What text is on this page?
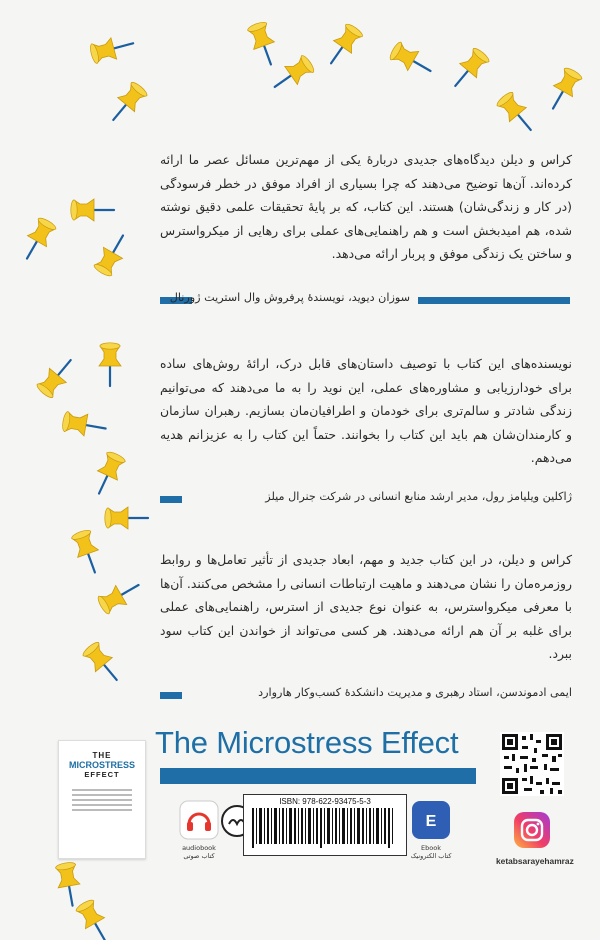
کراس و دیلن دیدگاه‌های جدیدی دربارهٔ یکی از مهم‌ترین مسائل عصر ما ارائه کرده‌اند. آن‌ها توضیح می‌دهند که چرا بسیاری از افراد موفق در خطر فرسودگی (در کار و زندگی‌شان) هستند. این کتاب، که بر پایهٔ تحقیقات علمی دقیق نوشته شده، هم امیدبخش است و هم راهنمایی‌های عملی برای رهایی از میکرواسترس و ساختن یک زندگی موفق و پربار ارائه می‌دهد.
سوزان دیوید، نویسندهٔ پرفروش وال استریت ژورنال
نویسنده‌های این کتاب با توصیف داستان‌های قابل درک، ارائهٔ روش‌های ساده برای خودارزیابی و مشاوره‌های عملی، این نوید را به ما می‌دهند که می‌توانیم زندگی شادتر و سالم‌تری برای خودمان و اطرافیان‌مان بسازیم. رهبران سازمان و کارمندان‌شان هم باید این کتاب را بخوانند. حتماً این کتاب را به عزیزانم هدیه می‌دهم.
ژاکلین ویلیامز رول، مدیر ارشد منابع انسانی در شرکت جنرال میلز
کراس و دیلن، در این کتاب جدید و مهم، ابعاد جدیدی از تأثیر تعامل‌ها و روابط روزمره‌مان را نشان می‌دهند و ماهیت ارتباطات انسانی را مشخص می‌کنند. آن‌ها با معرفی میکرواسترس، به عنوان نوع جدیدی از استرس، راهنمایی‌های عملی برای غلبه بر آن هم ارائه می‌دهند. هر کسی می‌تواند از خواندن این کتاب سود ببرد.
ایمی ادموندسن، استاد رهبری و مدیریت دانشکدهٔ کسب‌وکار هاروارد
The Microstress Effect
THE
MICROSTRESS
EFFECT
audiobook
کتاب صوتی
ISBN: 978-622-93475-5-3
E
Ebook
کتاب الکترونیک	ketabsarayehamraz
